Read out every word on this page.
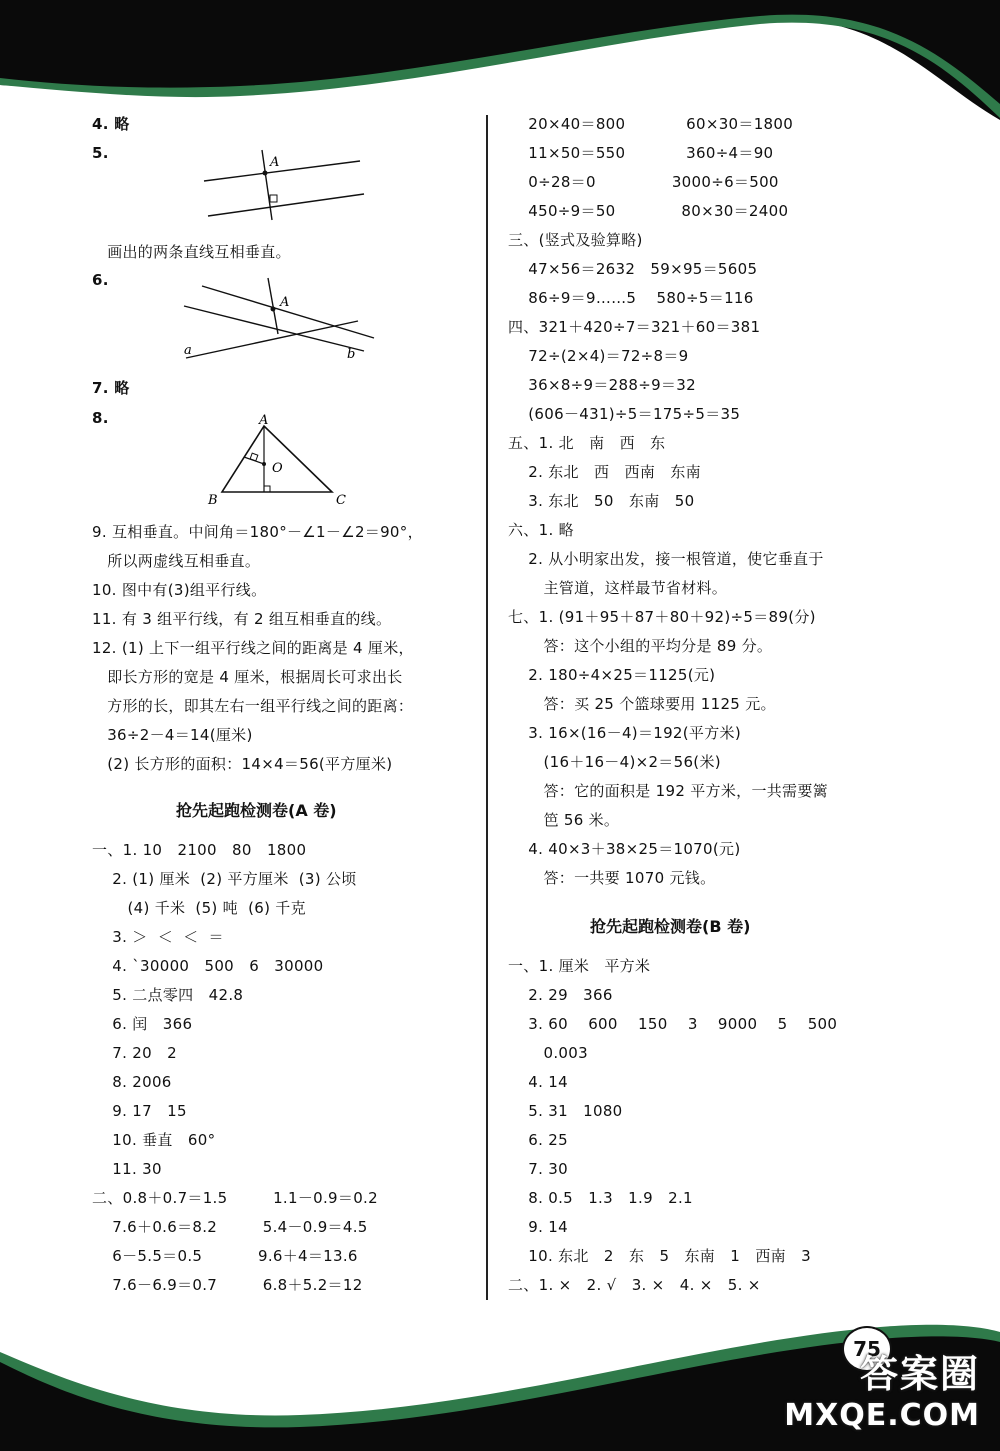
4. 略
5.
A
画出的两条直线互相垂直。
6.
A
a	b
7. 略
8.	A
B	C
O
9. 互相垂直。中间角＝180°－∠1－∠2＝90°，
所以两虚线互相垂直。
10. 图中有(3)组平行线。
11. 有 3 组平行线，有 2 组互相垂直的线。
12. (1) 上下一组平行线之间的距离是 4 厘米，
即长方形的宽是 4 厘米，根据周长可求出长
方形的长，即其左右一组平行线之间的距离：
36÷2－4＝14(厘米)
(2) 长方形的面积：14×4＝56(平方厘米)
抢先起跑检测卷(A 卷)
一、1. 10   2100   80   1800
2. (1) 厘米  (2) 平方厘米  (3) 公顷
(4) 千米  (5) 吨  (6) 千克
3. ＞  ＜  ＜  ＝
4. `30000   500   6   30000
5. 二点零四   42.8
6. 闰   366
7. 20   2
8. 2006
9. 17   15
10. 垂直   60°
11. 30
二、0.8＋0.7＝1.5         1.1－0.9＝0.2
7.6＋0.6＝8.2         5.4－0.9＝4.5
6－5.5＝0.5           9.6＋4＝13.6
7.6－6.9＝0.7         6.8＋5.2＝12
20×40＝800            60×30＝1800
11×50＝550            360÷4＝90
0÷28＝0               3000÷6＝500
450÷9＝50             80×30＝2400
三、(竖式及验算略)
47×56＝2632   59×95＝5605
86÷9＝9……5    580÷5＝116
四、321＋420÷7＝321＋60＝381
72÷(2×4)＝72÷8＝9
36×8÷9＝288÷9＝32
(606－431)÷5＝175÷5＝35
五、1. 北   南   西   东
2. 东北   西   西南   东南
3. 东北   50   东南   50
六、1. 略
2. 从小明家出发，接一根管道，使它垂直于
主管道，这样最节省材料。
七、1. (91＋95＋87＋80＋92)÷5＝89(分)
答：这个小组的平均分是 89 分。
2. 180÷4×25＝1125(元)
答：买 25 个篮球要用 1125 元。
3. 16×(16－4)＝192(平方米)
(16＋16－4)×2＝56(米)
答：它的面积是 192 平方米，一共需要篱
笆 56 米。
4. 40×3＋38×25＝1070(元)
答：一共要 1070 元钱。
抢先起跑检测卷(B 卷)
一、1. 厘米   平方米
2. 29   366
3. 60    600    150    3    9000    5    500
0.003
4. 14
5. 31   1080
6. 25
7. 30
8. 0.5   1.3   1.9   2.1
9. 14
10. 东北   2   东   5   东南   1   西南   3
二、1. ×   2. √   3. ×   4. ×   5. ×
75
答案圈
MXQE.COM
